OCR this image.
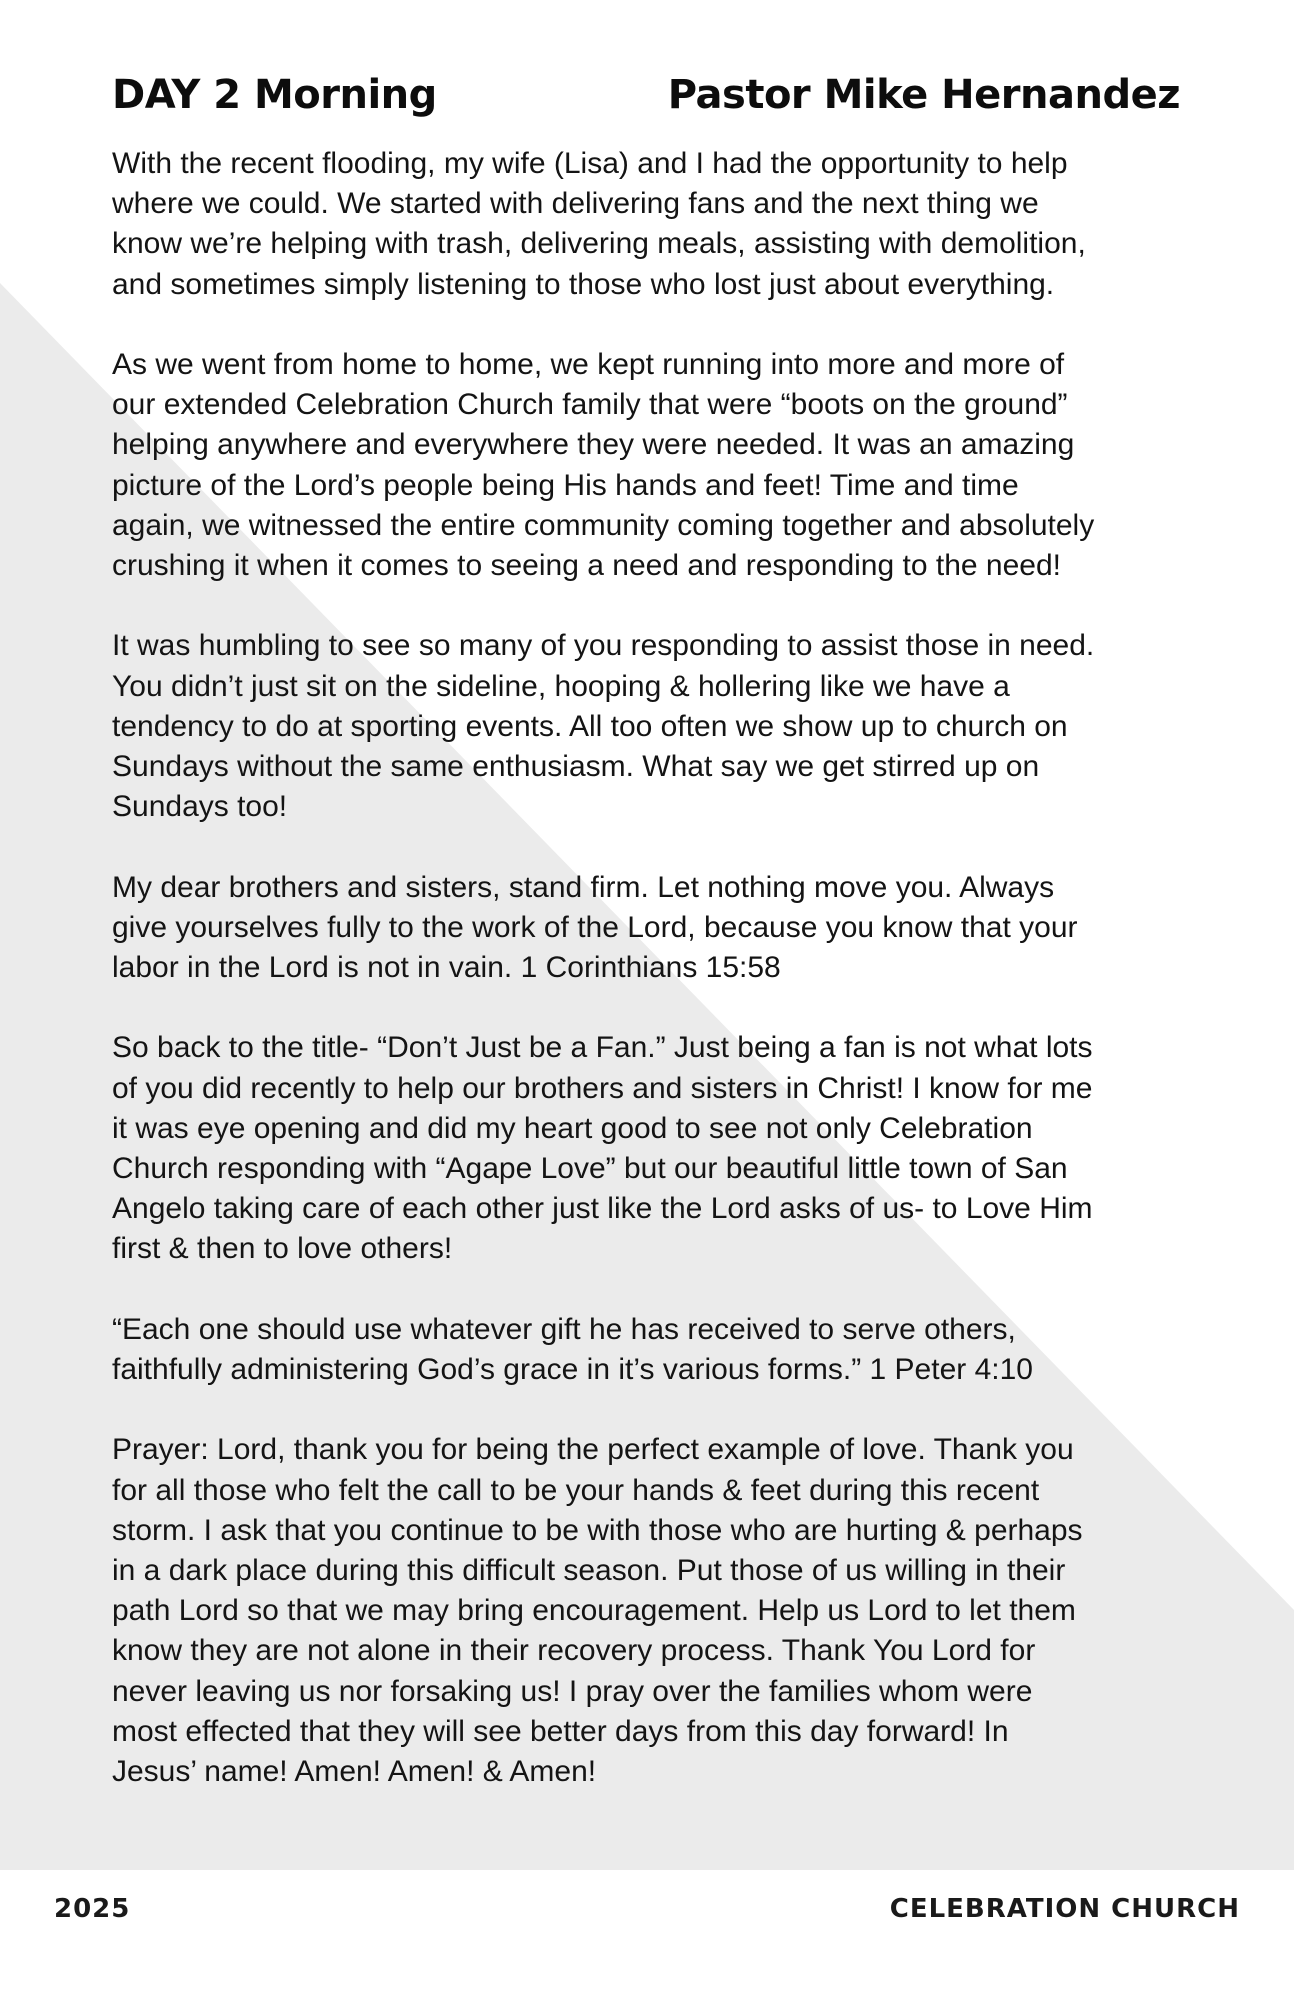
DAY 2 Morning	Pastor Mike Hernandez

With the recent flooding, my wife (Lisa) and I had the opportunity to help
where we could. We started with delivering fans and the next thing we
know we’re helping with trash, delivering meals, assisting with demolition,
and sometimes simply listening to those who lost just about everything.

As we went from home to home, we kept running into more and more of
our extended Celebration Church family that were “boots on the ground”
helping anywhere and everywhere they were needed. It was an amazing
picture of the Lord’s people being His hands and feet! Time and time
again, we witnessed the entire community coming together and absolutely
crushing it when it comes to seeing a need and responding to the need!

It was humbling to see so many of you responding to assist those in need.
You didn’t just sit on the sideline, hooping & hollering like we have a
tendency to do at sporting events. All too often we show up to church on
Sundays without the same enthusiasm. What say we get stirred up on
Sundays too!

My dear brothers and sisters, stand firm. Let nothing move you. Always
give yourselves fully to the work of the Lord, because you know that your
labor in the Lord is not in vain. 1 Corinthians 15:58

So back to the title- “Don’t Just be a Fan.” Just being a fan is not what lots
of you did recently to help our brothers and sisters in Christ! I know for me
it was eye opening and did my heart good to see not only Celebration
Church responding with “Agape Love” but our beautiful little town of San
Angelo taking care of each other just like the Lord asks of us- to Love Him
first & then to love others!

“Each one should use whatever gift he has received to serve others,
faithfully administering God’s grace in it’s various forms.” 1 Peter 4:10

Prayer: Lord, thank you for being the perfect example of love. Thank you
for all those who felt the call to be your hands & feet during this recent
storm. I ask that you continue to be with those who are hurting & perhaps
in a dark place during this difficult season. Put those of us willing in their
path Lord so that we may bring encouragement. Help us Lord to let them
know they are not alone in their recovery process. Thank You Lord for
never leaving us nor forsaking us! I pray over the families whom were
most effected that they will see better days from this day forward! In
Jesus’ name! Amen! Amen! & Amen!

2025	CELEBRATION CHURCH
